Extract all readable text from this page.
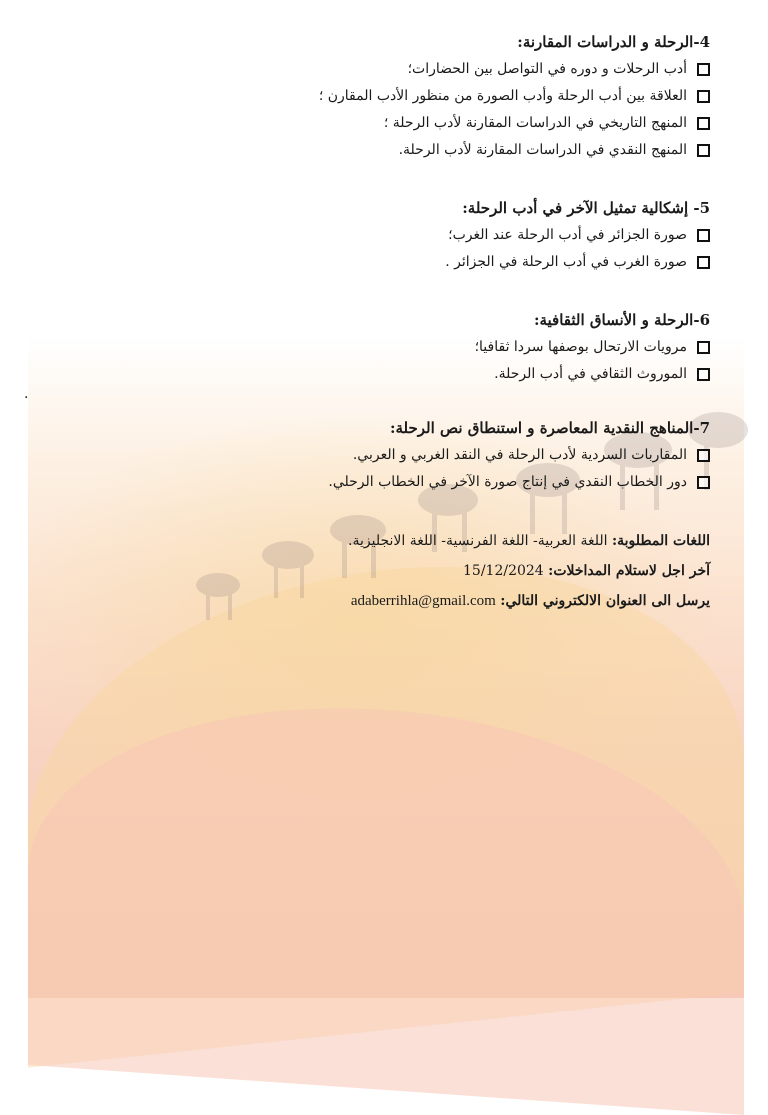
4-الرحلة و الدراسات المقارنة:

أدب الرحلات و دوره في التواصل بين الحضارات؛
العلاقة بين أدب الرحلة وأدب الصورة من منظور الأدب المقارن ؛
المنهج التاريخي في الدراسات المقارنة لأدب الرحلة ؛
المنهج النقدي في الدراسات المقارنة لأدب الرحلة.

5- إشكالية تمثيل الآخر في أدب الرحلة:

صورة الجزائر في أدب الرحلة عند الغرب؛
صورة الغرب في أدب الرحلة في الجزائر .

6-الرحلة و الأنساق الثقافية:

مرويات الارتحال بوصفها سردا ثقافيا؛
الموروث الثقافي في أدب الرحلة.
.

7-المناهج النقدية المعاصرة و استنطاق نص الرحلة:

المقاربات السردية لأدب الرحلة في النقد الغربي و العربي.
دور الخطاب النقدي في إنتاج صورة الآخر في الخطاب الرحلي.
اللغات المطلوبة: اللغة العربية- اللغة الفرنسية- اللغة الانجليزية.
آخر اجل لاستلام المداخلات: 15/12/2024
يرسل الى العنوان الالكتروني التالي: adaberrihla@gmail.com
